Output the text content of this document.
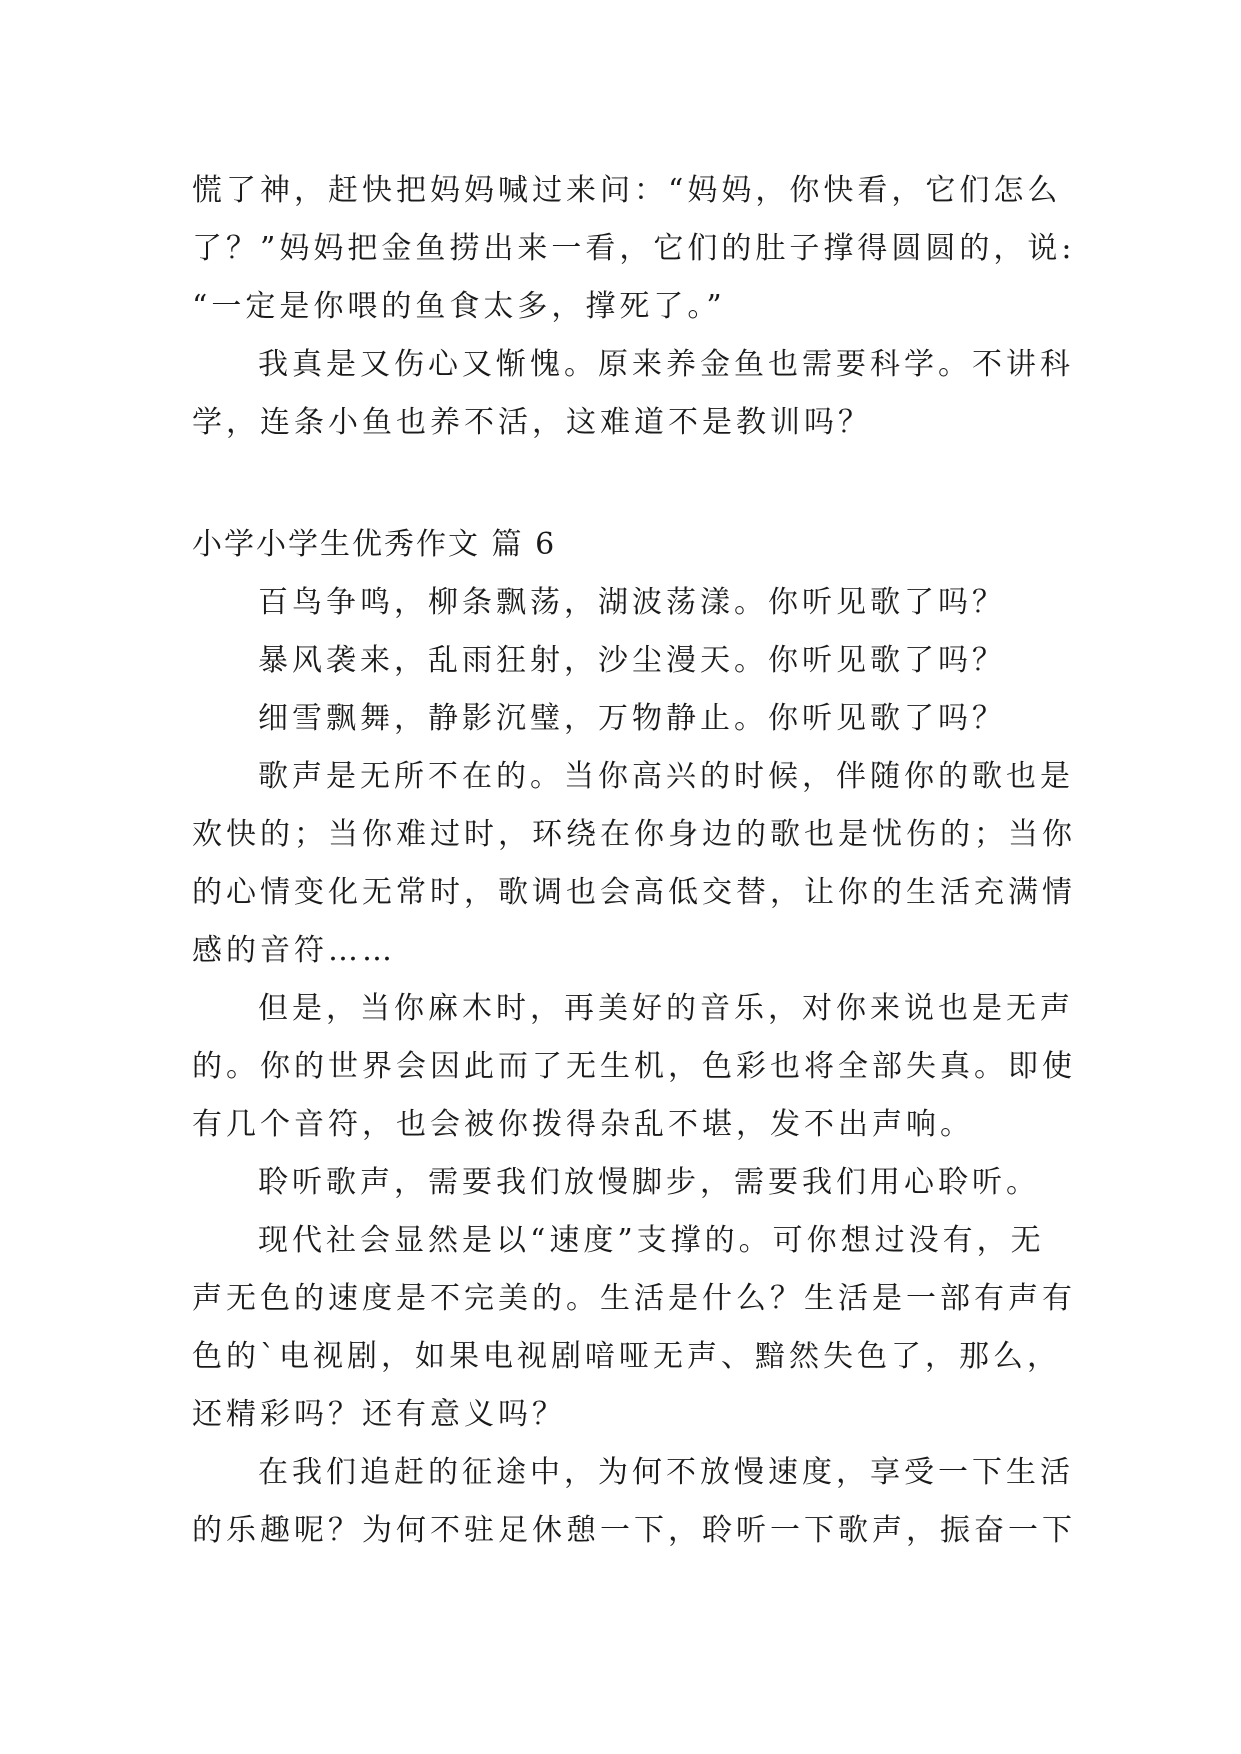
慌了神，赶快把妈妈喊过来问：“妈妈，你快看，它们怎么
了？”妈妈把金鱼捞出来一看，它们的肚子撑得圆圆的，说:
“一定是你喂的鱼食太多，撑死了。”
我真是又伤心又惭愧。原来养金鱼也需要科学。不讲科
学，连条小鱼也养不活，这难道不是教训吗？
小学小学生优秀作文 篇 6
百鸟争鸣，柳条飘荡，湖波荡漾。你听见歌了吗？
暴风袭来，乱雨狂射，沙尘漫天。你听见歌了吗？
细雪飘舞，静影沉璧，万物静止。你听见歌了吗？
歌声是无所不在的。当你高兴的时候，伴随你的歌也是
欢快的；当你难过时，环绕在你身边的歌也是忧伤的；当你
的心情变化无常时，歌调也会高低交替，让你的生活充满情
感的音符……
但是，当你麻木时，再美好的音乐，对你来说也是无声
的。你的世界会因此而了无生机，色彩也将全部失真。即使
有几个音符，也会被你拨得杂乱不堪，发不出声响。
聆听歌声，需要我们放慢脚步，需要我们用心聆听。
现代社会显然是以“速度”支撑的。可你想过没有，无
声无色的速度是不完美的。生活是什么？生活是一部有声有
色的`电视剧，如果电视剧喑哑无声、黯然失色了，那么，
还精彩吗？还有意义吗？
在我们追赶的征途中，为何不放慢速度，享受一下生活
的乐趣呢？为何不驻足休憩一下，聆听一下歌声，振奋一下
